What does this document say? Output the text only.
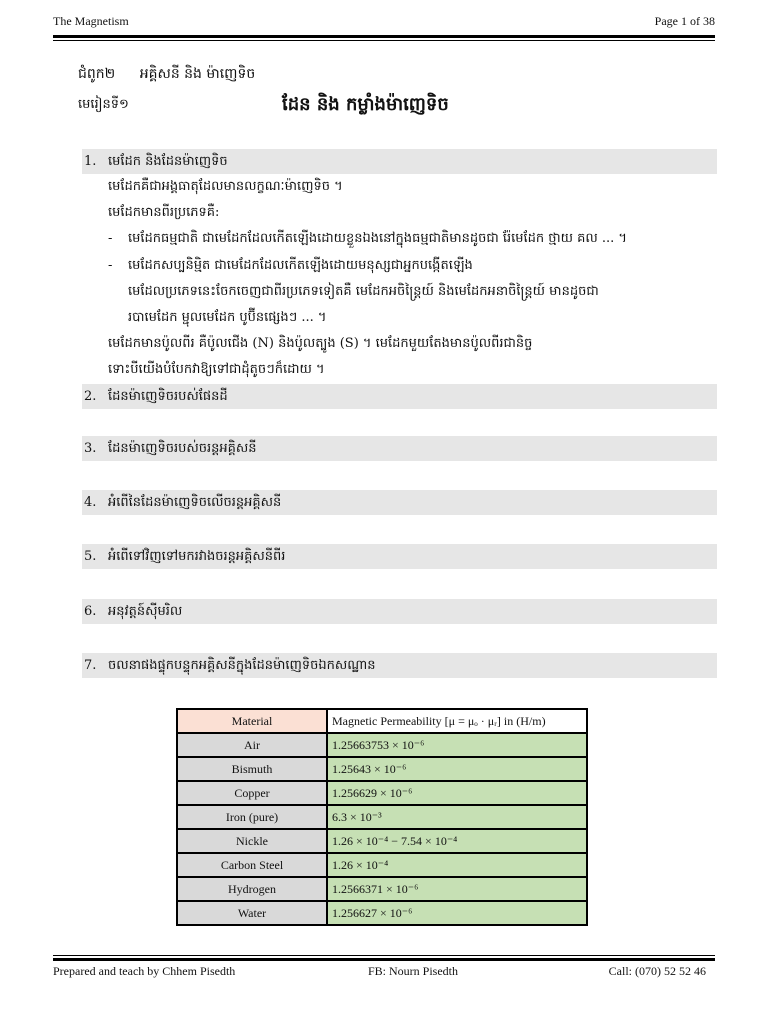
The Magnetism	Page 1 of 38
ជំពូក២ អគ្គិសនី និង ម៉ាញេទិច
មេរៀនទី១	ដែន និង កម្លាំងម៉ាញេទិច
1. មេដែក និងដែនម៉ាញេទិច
មេដែកគឺជាអង្គធាតុដែលមានលក្ខណៈម៉ាញេទិច ។
មេដែកមានពីរប្រភេទគឺ:
- មេដែកធម្មជាតិ ជាមេដែកដែលកើតឡើងដោយខ្លួនឯងនៅក្នុងធម្មជាតិមានដូចជា រ៉ែមេដែក ថ្មាយ គល ... ។
- មេដែកសប្បនិម្មិត ជាមេដែកដែលកើតឡើងដោយមនុស្សជាអ្នកបង្កើតឡើង
មេដែលប្រភេទនេះចែកចេញជាពីរប្រភេទទៀតគឺ មេដែកអចិន្ត្រៃយ៍ និងមេដែកអនាចិន្ត្រៃយ៍ មានដូចជា
របាមេដែក ម្ជុលមេដែក បូប៊ីនផ្សេងៗ ... ។
មេដែកមានប៉ូលពីរ គឺប៉ូលជើង (N) និងប៉ូលត្បូង (S) ។ មេដែកមួយតែងមានប៉ូលពីរជានិច្ច
ទោះបីយើងបំបែកវាឱ្យទៅជាដុំតូចៗក៏ដោយ ។
2. ដែនម៉ាញេទិចរបស់ផែនដី
3. ដែនម៉ាញេទិចរបស់ចរន្តអគ្គិសនី
4. អំពើនៃដែនម៉ាញេទិចលើចរន្តអគ្គិសនី
5. អំពើទៅវិញទៅមករវាងចរន្តអគ្គិសនីពីរ
6. អនុវត្តន៍ស៊ីមរិល
7. ចលនាផងផ្ទុកបន្ទុកអគ្គិសនីក្នុងដែនម៉ាញេទិចឯកសណ្ឋាន
Material	Magnetic Permeability [μ = μₒ · μᵣ] in (H/m)
Air	1.25663753 × 10⁻⁶
Bismuth	1.25643 × 10⁻⁶
Copper	1.256629 × 10⁻⁶
Iron (pure)	6.3 × 10⁻³
Nickle	1.26 × 10⁻⁴ − 7.54 × 10⁻⁴
Carbon Steel	1.26 × 10⁻⁴
Hydrogen	1.2566371 × 10⁻⁶
Water	1.256627 × 10⁻⁶
Prepared and teach by Chhem Pisedth	FB: Nourn Pisedth	Call: (070) 52 52 46
